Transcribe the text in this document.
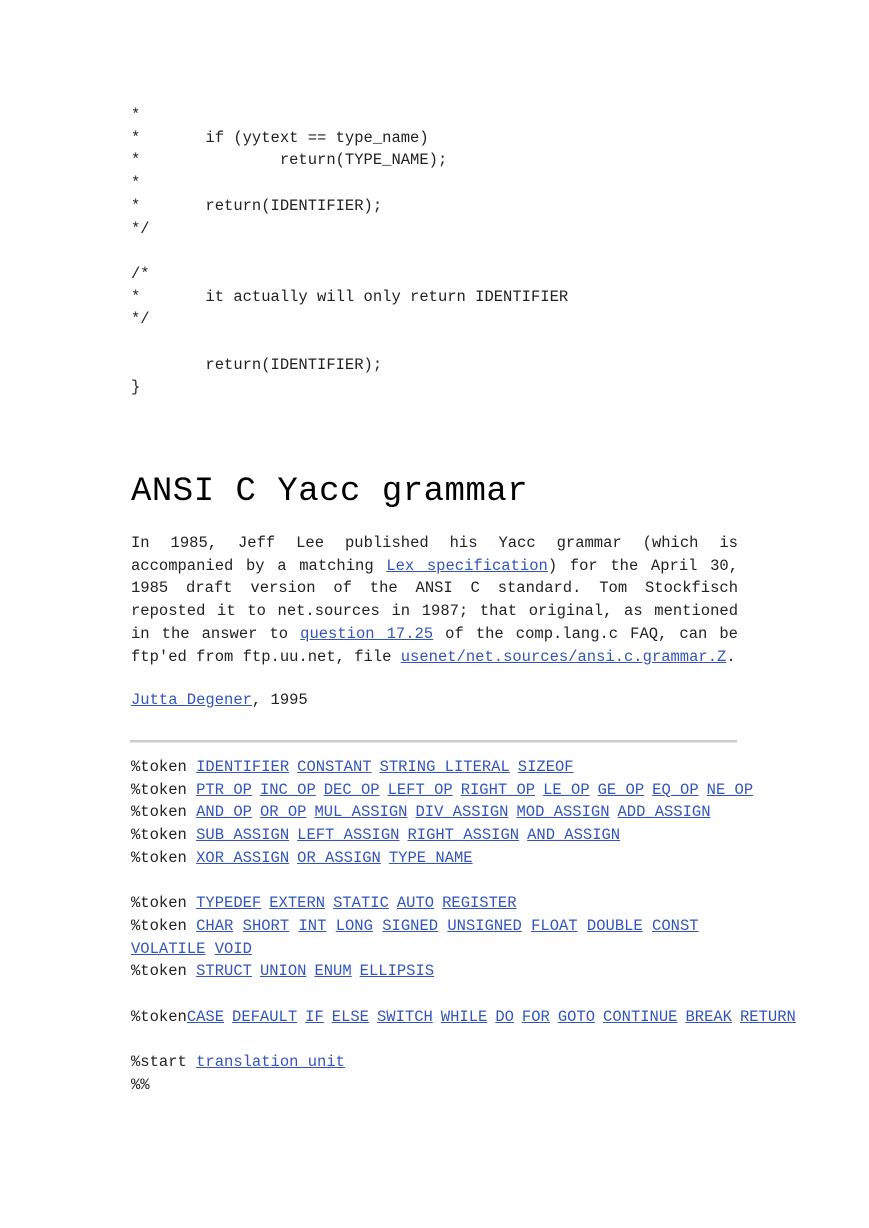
*
*       if (yytext == type_name)
*               return(TYPE_NAME);
*
*       return(IDENTIFIER);
*/

/*
*       it actually will only return IDENTIFIER
*/

return(IDENTIFIER);
}
ANSI C Yacc grammar

In 1985, Jeff Lee published his Yacc grammar (which is accompanied by a matching Lex specification) for the April 30, 1985 draft version of the ANSI C standard. Tom Stockfisch reposted it to net.sources in 1987; that original, as mentioned in the answer to question 17.25 of the comp.lang.c FAQ, can be ftp'ed from ftp.uu.net, file usenet/net.sources/ansi.c.grammar.Z.

Jutta Degener, 1995

%token IDENTIFIER CONSTANT STRING_LITERAL SIZEOF
%token PTR_OP INC_OP DEC_OP LEFT_OP RIGHT_OP LE_OP GE_OP EQ_OP NE_OP
%token AND_OP OR_OP MUL_ASSIGN DIV_ASSIGN MOD_ASSIGN ADD_ASSIGN
%token SUB_ASSIGN LEFT_ASSIGN RIGHT_ASSIGN AND_ASSIGN
%token XOR_ASSIGN OR_ASSIGN TYPE_NAME
%token TYPEDEF EXTERN STATIC AUTO REGISTER
%token CHAR SHORT INT LONG SIGNED UNSIGNED FLOAT DOUBLE CONST VOLATILE VOID
%token STRUCT UNION ENUM ELLIPSIS
%token CASE DEFAULT IF ELSE SWITCH WHILE DO FOR GOTO CONTINUE BREAK RETURN
%start translation_unit
%%
